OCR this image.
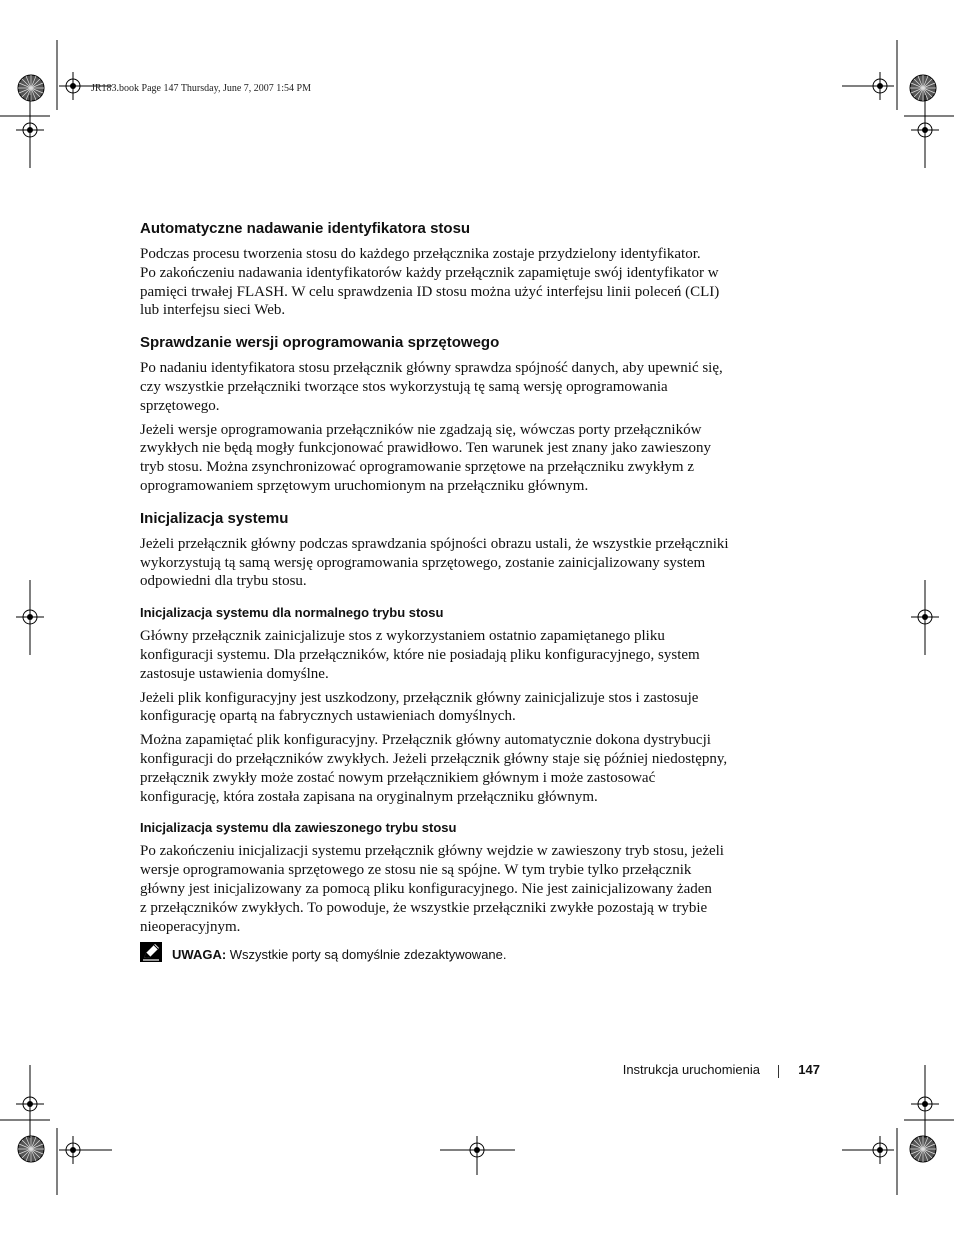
JR183.book Page 147 Thursday, June 7, 2007 1:54 PM
Automatyczne nadawanie identyfikatora stosu

Podczas procesu tworzenia stosu do każdego przełącznika zostaje przydzielony identyfikator.
Po zakończeniu nadawania identyfikatorów każdy przełącznik zapamiętuje swój identyfikator w
pamięci trwałej FLASH. W celu sprawdzenia ID stosu można użyć interfejsu linii poleceń (CLI)
lub interfejsu sieci Web.

Sprawdzanie wersji oprogramowania sprzętowego

Po nadaniu identyfikatora stosu przełącznik główny sprawdza spójność danych, aby upewnić się,
czy wszystkie przełączniki tworzące stos wykorzystują tę samą wersję oprogramowania
sprzętowego.

Jeżeli wersje oprogramowania przełączników nie zgadzają się, wówczas porty przełączników
zwykłych nie będą mogły funkcjonować prawidłowo. Ten warunek jest znany jako zawieszony
tryb stosu. Można zsynchronizować oprogramowanie sprzętowe na przełączniku zwykłym z
oprogramowaniem sprzętowym uruchomionym na przełączniku głównym.

Inicjalizacja systemu

Jeżeli przełącznik główny podczas sprawdzania spójności obrazu ustali, że wszystkie przełączniki
wykorzystują tą samą wersję oprogramowania sprzętowego, zostanie zainicjalizowany system
odpowiedni dla trybu stosu.

Inicjalizacja systemu dla normalnego trybu stosu

Główny przełącznik zainicjalizuje stos z wykorzystaniem ostatnio zapamiętanego pliku
konfiguracji systemu. Dla przełączników, które nie posiadają pliku konfiguracyjnego, system
zastosuje ustawienia domyślne.

Jeżeli plik konfiguracyjny jest uszkodzony, przełącznik główny zainicjalizuje stos i zastosuje
konfigurację opartą na fabrycznych ustawieniach domyślnych.

Można zapamiętać plik konfiguracyjny. Przełącznik główny automatycznie dokona dystrybucji
konfiguracji do przełączników zwykłych. Jeżeli przełącznik główny staje się później niedostępny,
przełącznik zwykły może zostać nowym przełącznikiem głównym i może zastosować
konfigurację, która została zapisana na oryginalnym przełączniku głównym.

Inicjalizacja systemu dla zawieszonego trybu stosu

Po zakończeniu inicjalizacji systemu przełącznik główny wejdzie w zawieszony tryb stosu, jeżeli
wersje oprogramowania sprzętowego ze stosu nie są spójne. W tym trybie tylko przełącznik
główny jest inicjalizowany za pomocą pliku konfiguracyjnego. Nie jest zainicjalizowany żaden
z przełączników zwykłych. To powoduje, że wszystkie przełączniki zwykłe pozostają w trybie
nieoperacyjnym.

UWAGA: Wszystkie porty są domyślnie zdezaktywowane.
Instrukcja uruchomienia	147
